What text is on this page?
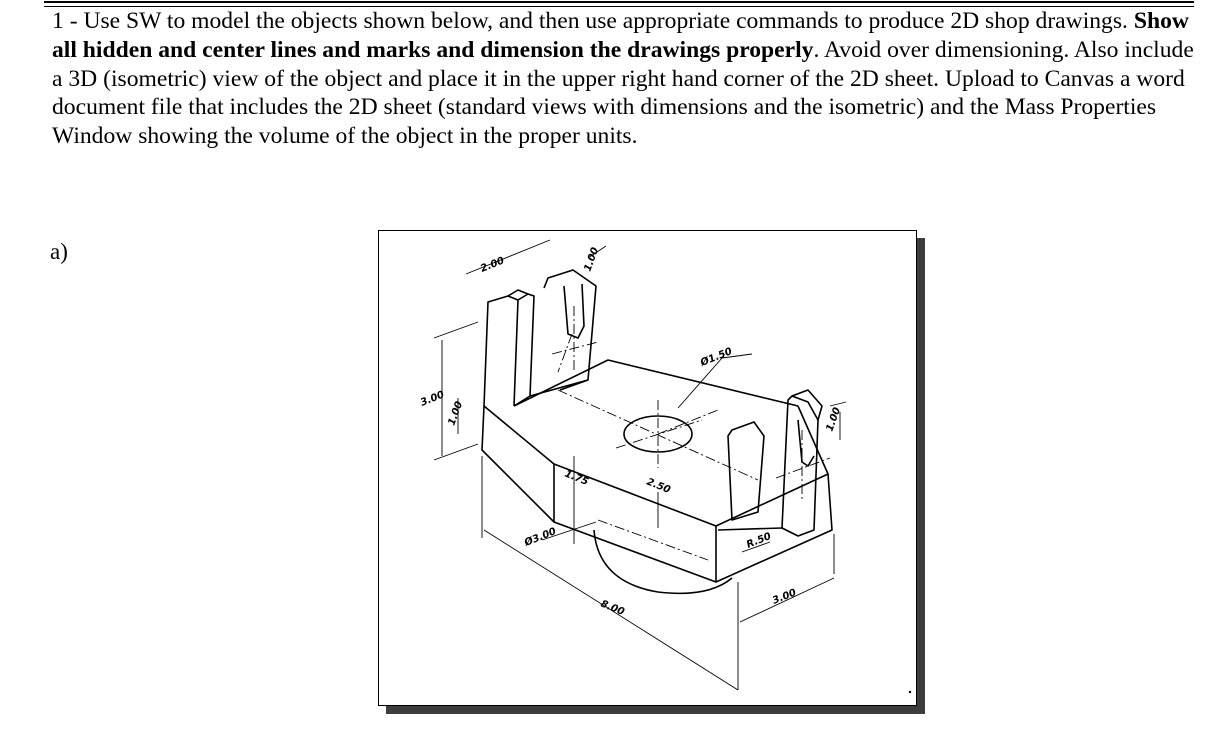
1 - Use SW to model the objects shown below, and then use appropriate commands to produce 2D shop drawings. Show all hidden and center lines and marks and dimension the drawings properly. Avoid over dimensioning. Also include a 3D (isometric) view of the object and place it in the upper right hand corner of the 2D sheet. Upload to Canvas a word document file that includes the 2D sheet (standard views with dimensions and the isometric) and the Mass Properties Window showing the volume of the object in the proper units.

a)
2.00	1.00
3.00
1.00
Ø1.50
1.00
1.75	2.50
Ø3.00	R.50
8.00
3.00
